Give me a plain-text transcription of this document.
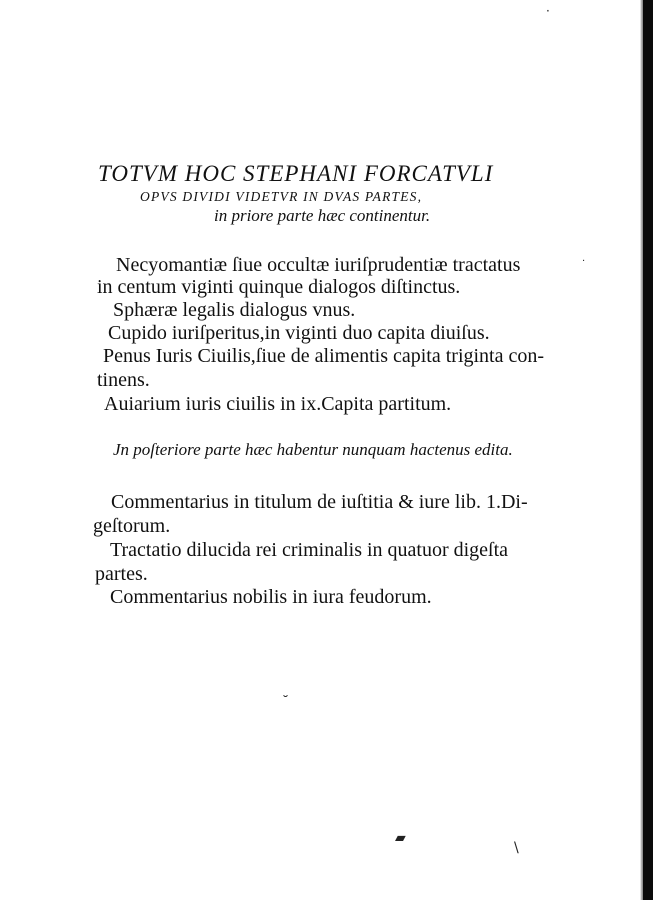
TOTVM HOC STEPHANI FORCATVLI
OPVS DIVIDI VIDETVR IN DVAS PARTES,
in priore parte hæc continentur.
Necyomantiæ ſiue occultæ iuriſprudentiæ tractatus
in centum viginti quinque dialogos diſtinctus.
Sphæræ legalis dialogus vnus.
Cupido iuriſperitus,in viginti duo capita diuiſus.
Penus Iuris Ciuilis,ſiue de alimentis capita triginta con-
tinens.
Auiarium iuris ciuilis in ix.Capita partitum.
Jn poſteriore parte hæc habentur nunquam hactenus edita.
Commentarius in titulum de iuſtitia & iure lib. 1.Di-
geſtorum.
Tractatio dilucida rei criminalis in quatuor digeſta
partes.
Commentarius nobilis in iura feudorum.
·
˘
▰
\
·
